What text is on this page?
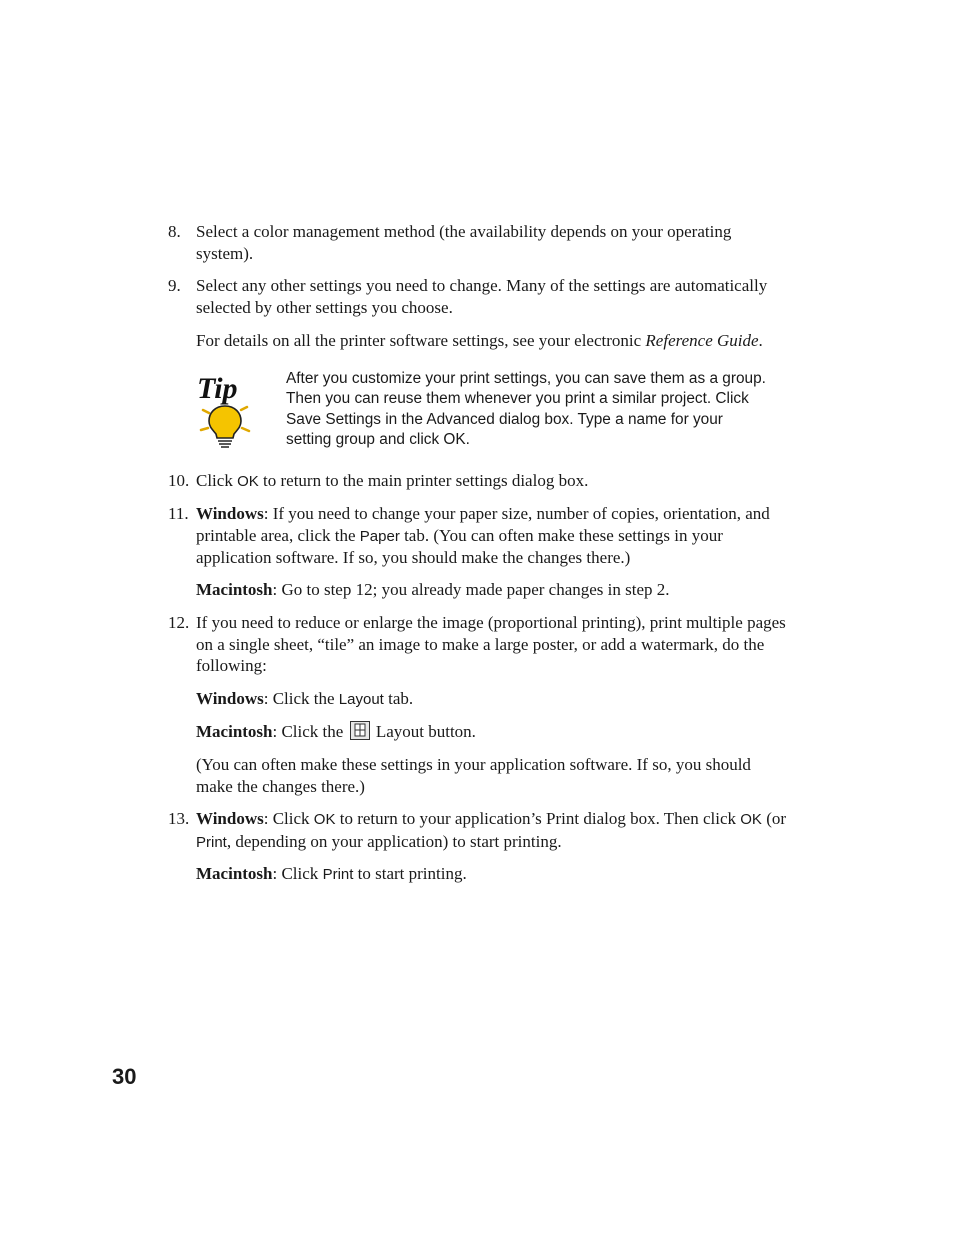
8. Select a color management method (the availability depends on your operating system).
9. Select any other settings you need to change. Many of the settings are automatically selected by other settings you choose.
For details on all the printer software settings, see your electronic Reference Guide.
Tip	After you customize your print settings, you can save them as a group. Then you can reuse them whenever you print a similar project. Click Save Settings in the Advanced dialog box. Type a name for your setting group and click OK.
10. Click OK to return to the main printer settings dialog box.
11. Windows: If you need to change your paper size, number of copies, orientation, and printable area, click the Paper tab. (You can often make these settings in your application software. If so, you should make the changes there.)
Macintosh: Go to step 12; you already made paper changes in step 2.
12. If you need to reduce or enlarge the image (proportional printing), print multiple pages on a single sheet, “tile” an image to make a large poster, or add a watermark, do the following:
Windows: Click the Layout tab.
Macintosh: Click the
Layout button.
(You can often make these settings in your application software. If so, you should make the changes there.)
13. Windows: Click OK to return to your application’s Print dialog box. Then click OK (or Print, depending on your application) to start printing.
Macintosh: Click Print to start printing.
30
